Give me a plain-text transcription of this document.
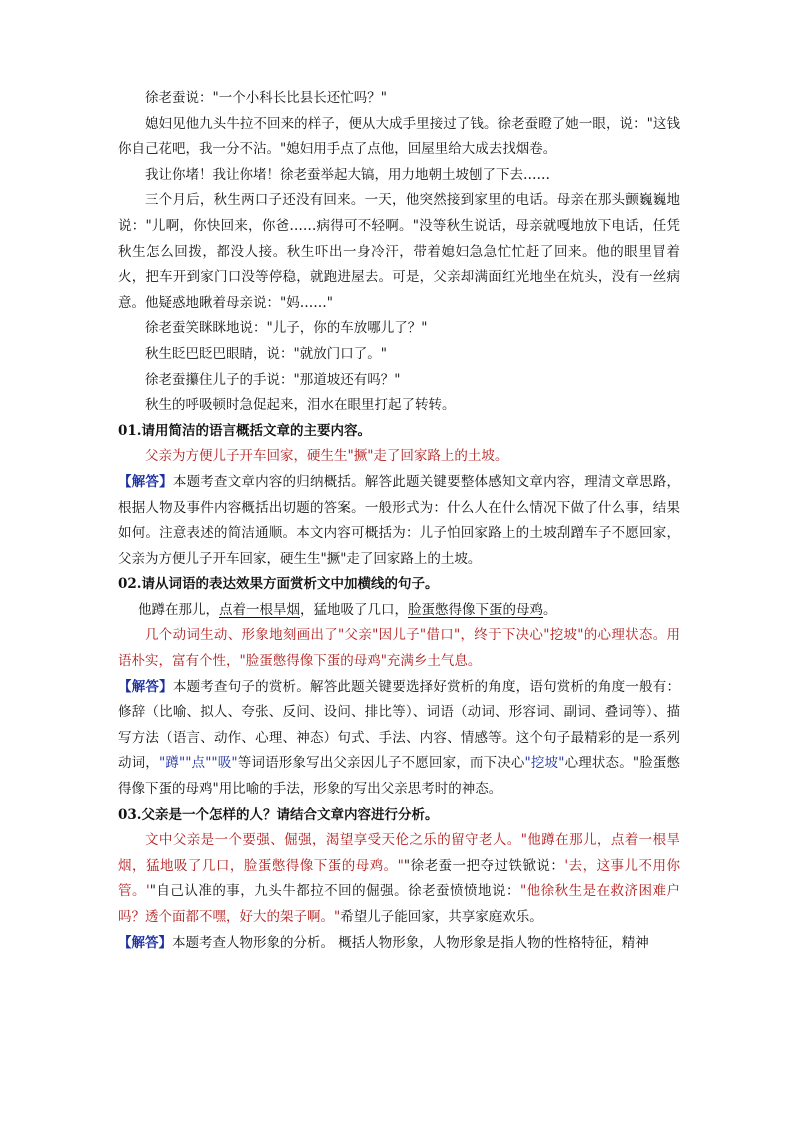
徐老蚕说："一个小科长比县长还忙吗？"

媳妇见他九头牛拉不回来的样子，便从大成手里接过了钱。徐老蚕瞪了她一眼，说："这钱你自己花吧，我一分不沾。"媳妇用手点了点他，回屋里给大成去找烟卷。

我让你堵！我让你堵！徐老蚕举起大镐，用力地朝土坡刨了下去……

三个月后，秋生两口子还没有回来。一天，他突然接到家里的电话。母亲在那头颤巍巍地说："儿啊，你快回来，你爸……病得可不轻啊。"没等秋生说话，母亲就嘎地放下电话，任凭秋生怎么回拨，都没人接。秋生吓出一身冷汗，带着媳妇急急忙忙赶了回来。他的眼里冒着火，把车开到家门口没等停稳，就跑进屋去。可是，父亲却满面红光地坐在炕头，没有一丝病意。他疑惑地瞅着母亲说："妈……"

徐老蚕笑眯眯地说："儿子，你的车放哪儿了？"

秋生眨巴眨巴眼睛，说："就放门口了。"

徐老蚕攥住儿子的手说："那道坡还有吗？"

秋生的呼吸顿时急促起来，泪水在眼里打起了转转。

01.请用简洁的语言概括文章的主要内容。

父亲为方便儿子开车回家，硬生生"撅"走了回家路上的土坡。

【解答】本题考查文章内容的归纳概括。解答此题关键要整体感知文章内容，理清文章思路，根据人物及事件内容概括出切题的答案。一般形式为：什么人在什么情况下做了什么事，结果如何。注意表述的简洁通顺。本文内容可概括为：儿子怕回家路上的土坡刮蹭车子不愿回家，父亲为方便儿子开车回家，硬生生"撅"走了回家路上的土坡。

02.请从词语的表达效果方面赏析文中加横线的句子。

他蹲在那儿，点着一根旱烟，猛地吸了几口，脸蛋憋得像下蛋的母鸡。

几个动词生动、形象地刻画出了"父亲"因儿子"借口"，终于下决心"挖坡"的心理状态。用语朴实，富有个性，"脸蛋憋得像下蛋的母鸡"充满乡土气息。

【解答】本题考查句子的赏析。解答此题关键要选择好赏析的角度，语句赏析的角度一般有：修辞（比喻、拟人、夸张、反问、设问、排比等）、词语（动词、形容词、副词、叠词等）、描写方法（语言、动作、心理、神态）句式、手法、内容、情感等。这个句子最精彩的是一系列动词，"蹲""点""吸"等词语形象写出父亲因儿子不愿回家，而下决心"挖坡"心理状态。"脸蛋憋得像下蛋的母鸡"用比喻的手法，形象的写出父亲思考时的神态。

03.父亲是一个怎样的人？请结合文章内容进行分析。

文中父亲是一个要强、倔强，渴望享受天伦之乐的留守老人。"他蹲在那儿，点着一根旱烟，猛地吸了几口，脸蛋憋得像下蛋的母鸡。""徐老蚕一把夺过铁锨说：'去，这事儿不用你管。'"自己认准的事，九头牛都拉不回的倔强。徐老蚕愤愤地说："他徐秋生是在救济困难户吗？透个面都不嘿，好大的架子啊。"希望儿子能回家，共享家庭欢乐。

【解答】本题考查人物形象的分析。 概括人物形象，人物形象是指人物的性格特征，精神
